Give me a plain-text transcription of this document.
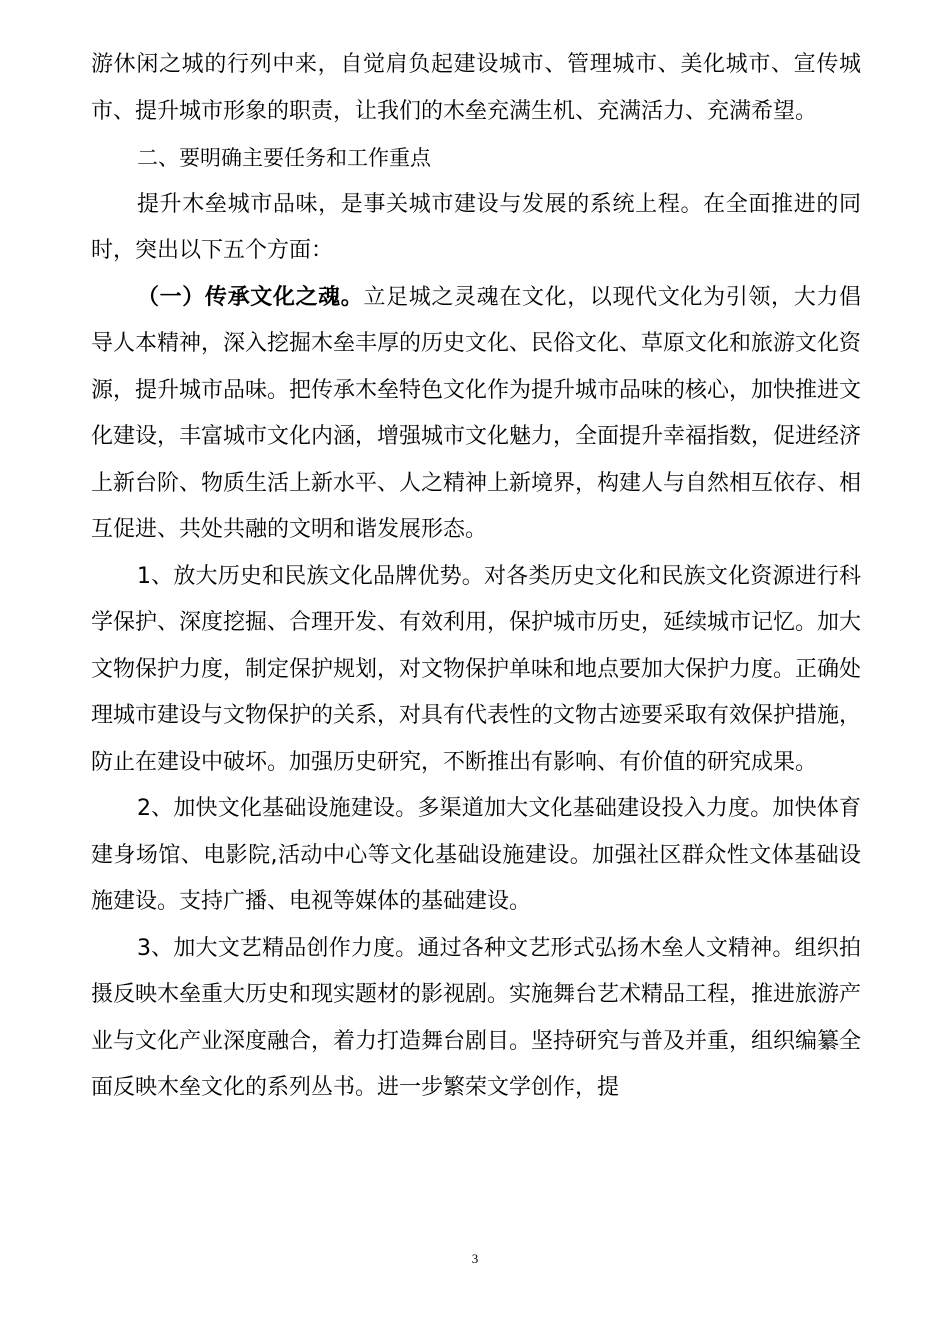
游休闲之城的行列中来，自觉肩负起建设城市、管理城市、美化城市、宣传城市、提升城市形象的职责，让我们的木垒充满生机、充满活力、充满希望。

二、要明确主要任务和工作重点

提升木垒城市品味，是事关城市建设与发展的系统上程。在全面推进的同时，突出以下五个方面：

（一）传承文化之魂。立足城之灵魂在文化，以现代文化为引领，大力倡导人本精神，深入挖掘木垒丰厚的历史文化、民俗文化、草原文化和旅游文化资源，提升城市品味。把传承木垒特色文化作为提升城市品味的核心，加快推进文化建设，丰富城市文化内涵，增强城市文化魅力，全面提升幸福指数，促进经济上新台阶、物质生活上新水平、人之精神上新境界，构建人与自然相互依存、相互促进、共处共融的文明和谐发展形态。

1、放大历史和民族文化品牌优势。对各类历史文化和民族文化资源进行科学保护、深度挖掘、合理开发、有效利用，保护城市历史，延续城市记忆。加大文物保护力度，制定保护规划，对文物保护单味和地点要加大保护力度。正确处理城市建设与文物保护的关系，对具有代表性的文物古迹要采取有效保护措施，防止在建设中破坏。加强历史研究，不断推出有影响、有价值的研究成果。

2、加快文化基础设施建设。多渠道加大文化基础建设投入力度。加快体育建身场馆、电影院,活动中心等文化基础设施建设。加强社区群众性文体基础设施建设。支持广播、电视等媒体的基础建设。

3、加大文艺精品创作力度。通过各种文艺形式弘扬木垒人文精神。组织拍摄反映木垒重大历史和现实题材的影视剧。实施舞台艺术精品工程，推进旅游产业与文化产业深度融合，着力打造舞台剧目。坚持研究与普及并重，组织编纂全面反映木垒文化的系列丛书。进一步繁荣文学创作，提

3
